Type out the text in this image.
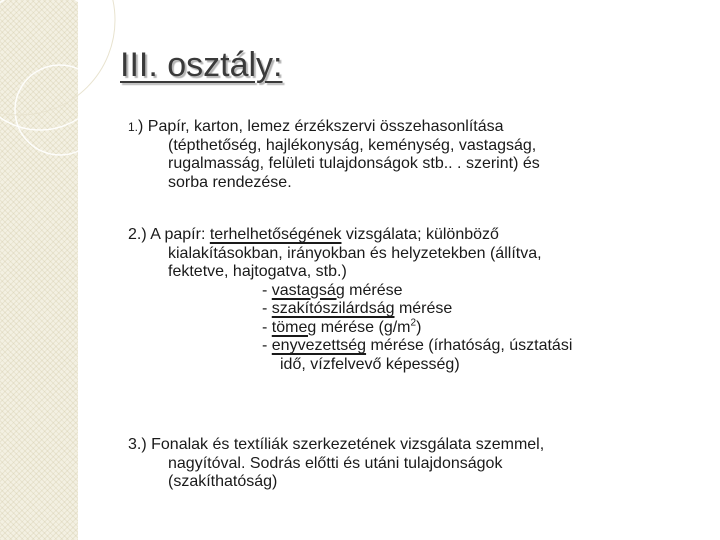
III. osztály:

1.) Papír, karton, lemez érzékszervi összehasonlítása

(tépthetőség, hajlékonyság, keménység, vastagság,

rugalmasság, felületi tulajdonságok stb.. . szerint) és

sorba rendezése.

2.) A papír: terhelhetőségének vizsgálata; különböző

kialakításokban, irányokban és helyzetekben (állítva,

fektetve, hajtogatva, stb.)

- vastagság mérése

- szakítószilárdság mérése

- tömeg mérése $(g/m^2)$

- enyvezettség mérése (írhatóság, úsztatási

idő, vízfelvevő képesség)

3.) Fonalak és textíliák szerkezetének vizsgálata szemmel,

nagyítóval. Sodrás előtti és utáni tulajdonságok

(szakíthatóság)
